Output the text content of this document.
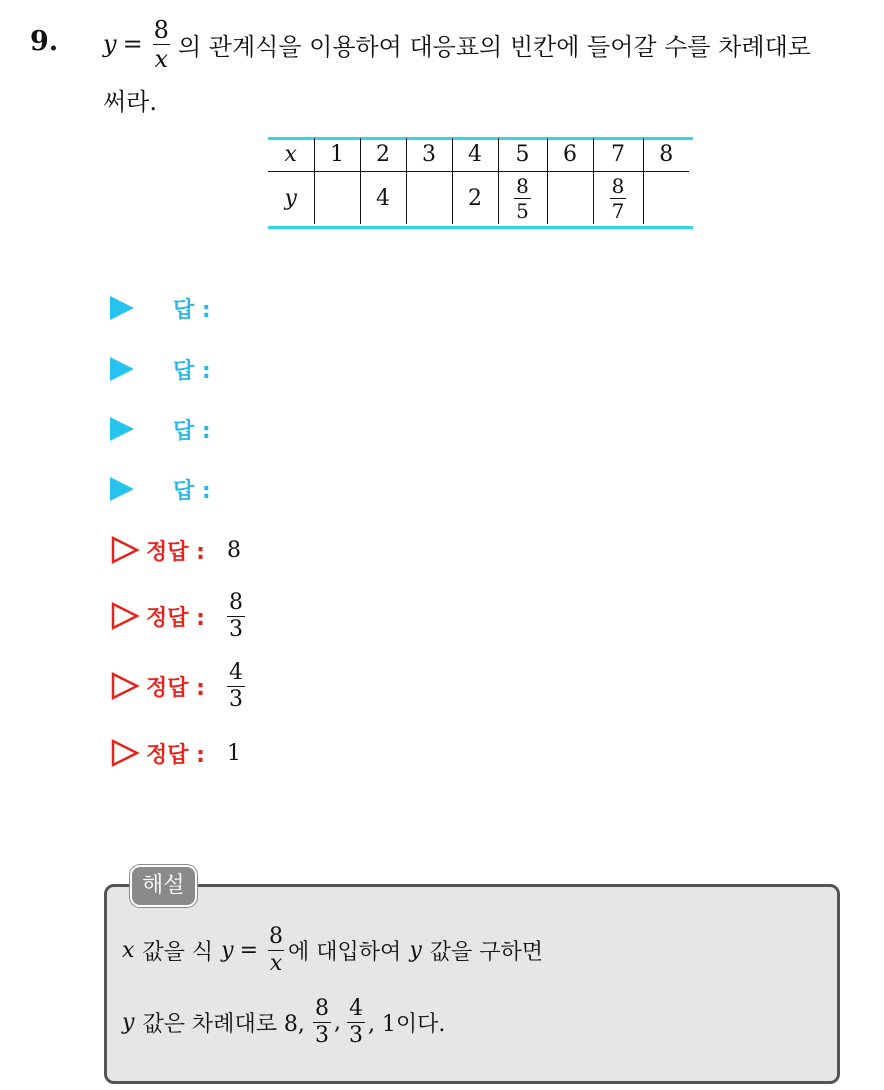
9. $y = \frac{8}{x}$ 의 관계식을 이용하여 대응표의 빈칸에 들어갈 수를 차례대로
써라.
x	1	2	3	4	5	6	7	8
y		4		2	$\frac{8}{5}$		$\frac{8}{7}$

답 :
답 :
답 :
답 :
정답 : 8
정답 : $\frac{8}{3}$
정답 : $\frac{4}{3}$
정답 : 1
해설
x 값을 식 $y = \frac{8}{x}$ 에 대입하여 y 값을 구하면
y 값은 차례대로 8, $\frac{8}{3}$ , $\frac{4}{3}$ , 1이다.
